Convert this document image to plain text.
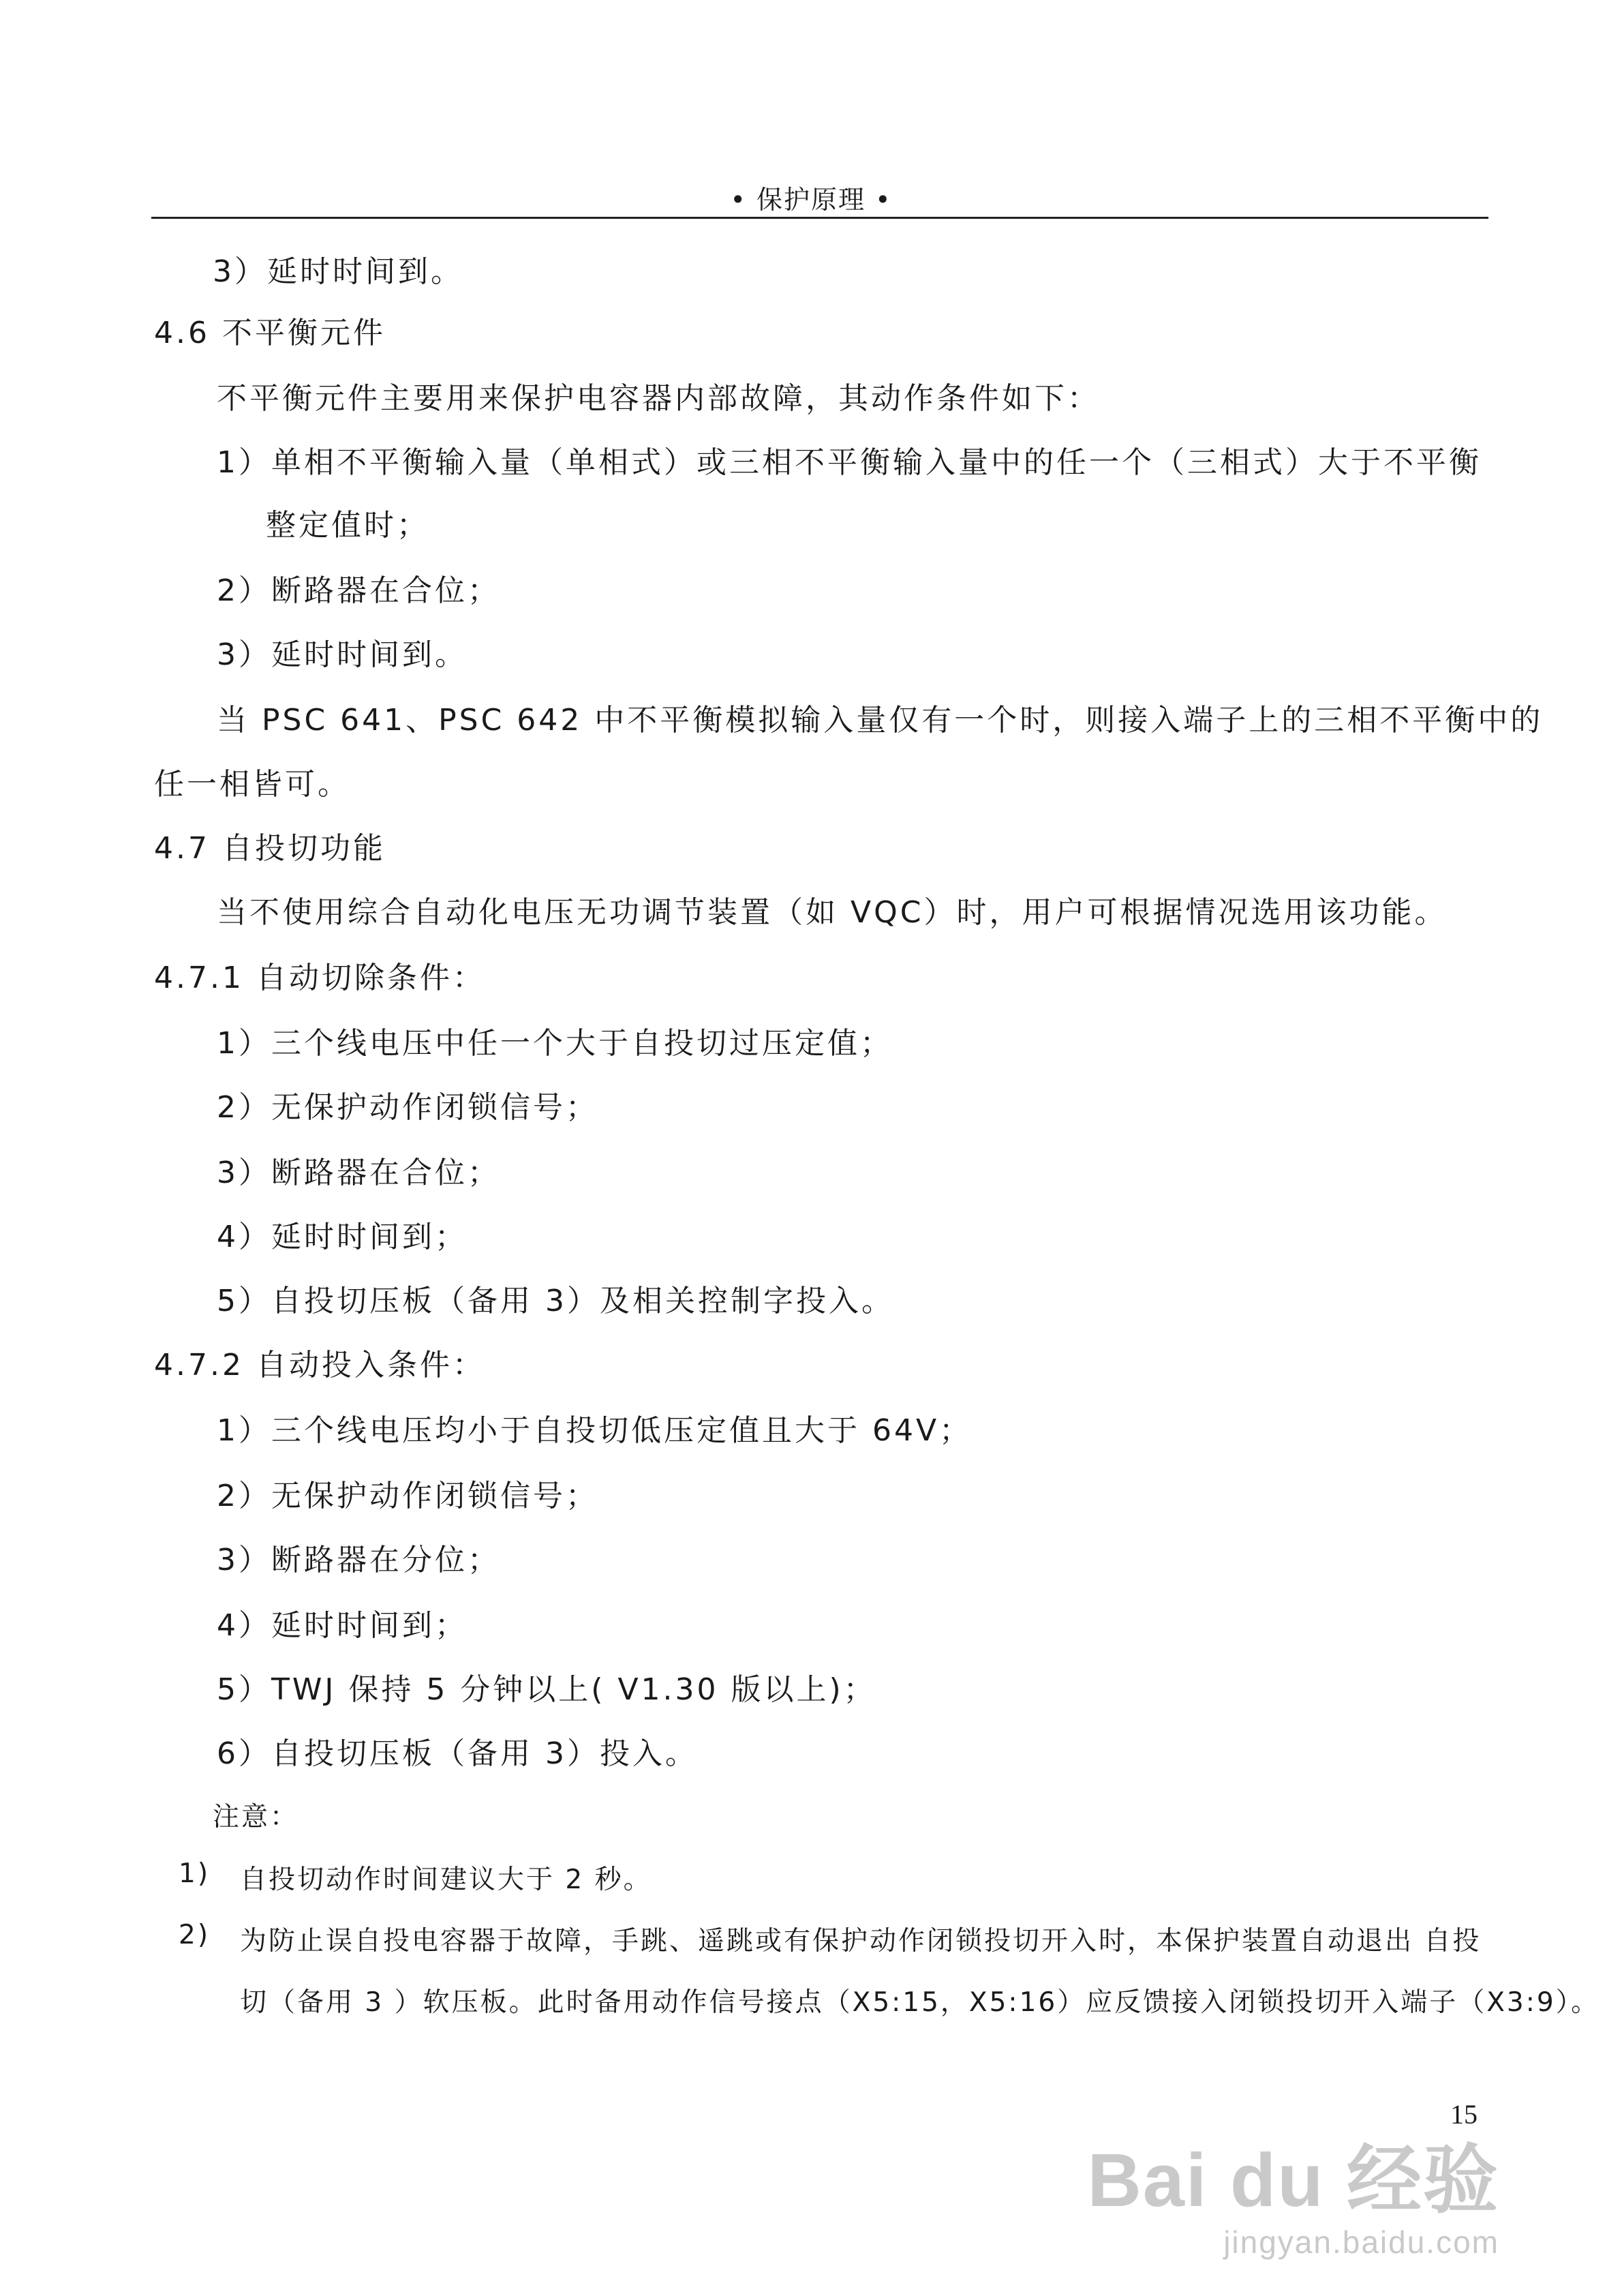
• 保护原理 •
3）延时时间到。
4.6 不平衡元件
不平衡元件主要用来保护电容器内部故障，其动作条件如下：
1）单相不平衡输入量（单相式）或三相不平衡输入量中的任一个（三相式）大于不平衡
整定值时；
2）断路器在合位；
3）延时时间到。
当 PSC 641、PSC 642 中不平衡模拟输入量仅有一个时，则接入端子上的三相不平衡中的
任一相皆可。
4.7 自投切功能
当不使用综合自动化电压无功调节装置（如 VQC）时，用户可根据情况选用该功能。
4.7.1 自动切除条件：
1）三个线电压中任一个大于自投切过压定值；
2）无保护动作闭锁信号；
3）断路器在合位；
4）延时时间到；
5）自投切压板（备用 3）及相关控制字投入。
4.7.2 自动投入条件：
1）三个线电压均小于自投切低压定值且大于 64V；
2）无保护动作闭锁信号；
3）断路器在分位；
4）延时时间到；
5）TWJ 保持 5 分钟以上( V1.30 版以上)；
6）自投切压板（备用 3）投入。
注意：
1) 自投切动作时间建议大于 2 秒。
2) 为防止误自投电容器于故障，手跳、遥跳或有保护动作闭锁投切开入时，本保护装置自动退出 自投
切（备用 3 ）软压板。此时备用动作信号接点（X5:15，X5:16）应反馈接入闭锁投切开入端子（X3:9）。
15
Bai du 经验
jingyan.baidu.com
